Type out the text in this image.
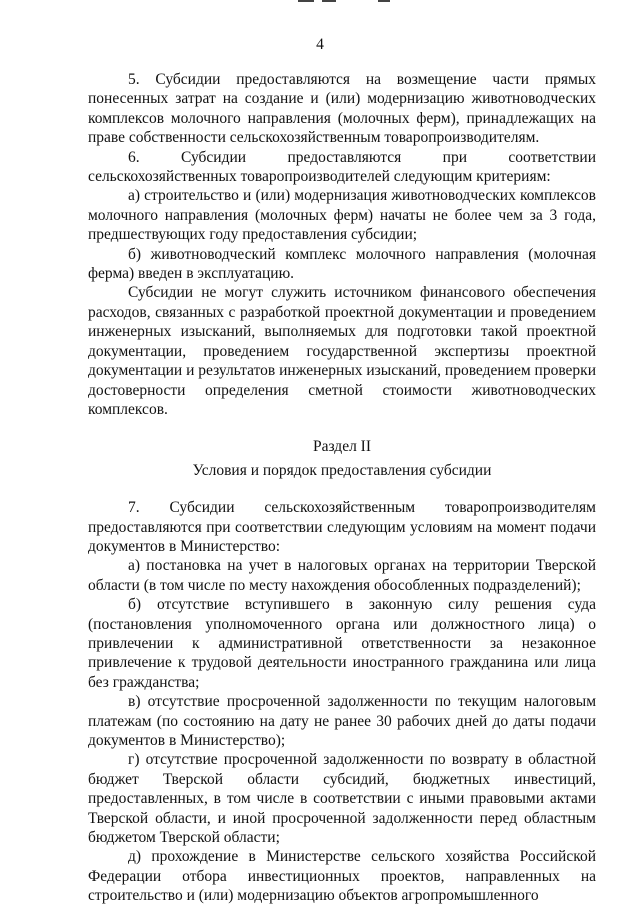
4

5. Субсидии предоставляются на возмещение части прямых понесенных затрат на создание и (или) модернизацию животноводческих комплексов молочного направления (молочных ферм), принадлежащих на праве собственности сельскохозяйственным товаропроизводителям.

6. Субсидии предоставляются при соответствии сельскохозяйственных товаропроизводителей следующим критериям:

а) строительство и (или) модернизация животноводческих комплексов молочного направления (молочных ферм) начаты не более чем за 3 года, предшествующих году предоставления субсидии;

б) животноводческий комплекс молочного направления (молочная ферма) введен в эксплуатацию.

Субсидии не могут служить источником финансового обеспечения расходов, связанных с разработкой проектной документации и проведением инженерных изысканий, выполняемых для подготовки такой проектной документации, проведением государственной экспертизы проектной документации и результатов инженерных изысканий, проведением проверки достоверности определения сметной стоимости животноводческих комплексов.

Раздел II
Условия и порядок предоставления субсидии

7. Субсидии сельскохозяйственным товаропроизводителям предоставляются при соответствии следующим условиям на момент подачи документов в Министерство:

а) постановка на учет в налоговых органах на территории Тверской области (в том числе по месту нахождения обособленных подразделений);

б) отсутствие вступившего в законную силу решения суда (постановления уполномоченного органа или должностного лица) о привлечении к административной ответственности за незаконное привлечение к трудовой деятельности иностранного гражданина или лица без гражданства;

в) отсутствие просроченной задолженности по текущим налоговым платежам (по состоянию на дату не ранее 30 рабочих дней до даты подачи документов в Министерство);

г) отсутствие просроченной задолженности по возврату в областной бюджет Тверской области субсидий, бюджетных инвестиций, предоставленных, в том числе в соответствии с иными правовыми актами Тверской области, и иной просроченной задолженности перед областным бюджетом Тверской области;

д) прохождение в Министерстве сельского хозяйства Российской Федерации отбора инвестиционных проектов, направленных на строительство и (или) модернизацию объектов агропромышленного
